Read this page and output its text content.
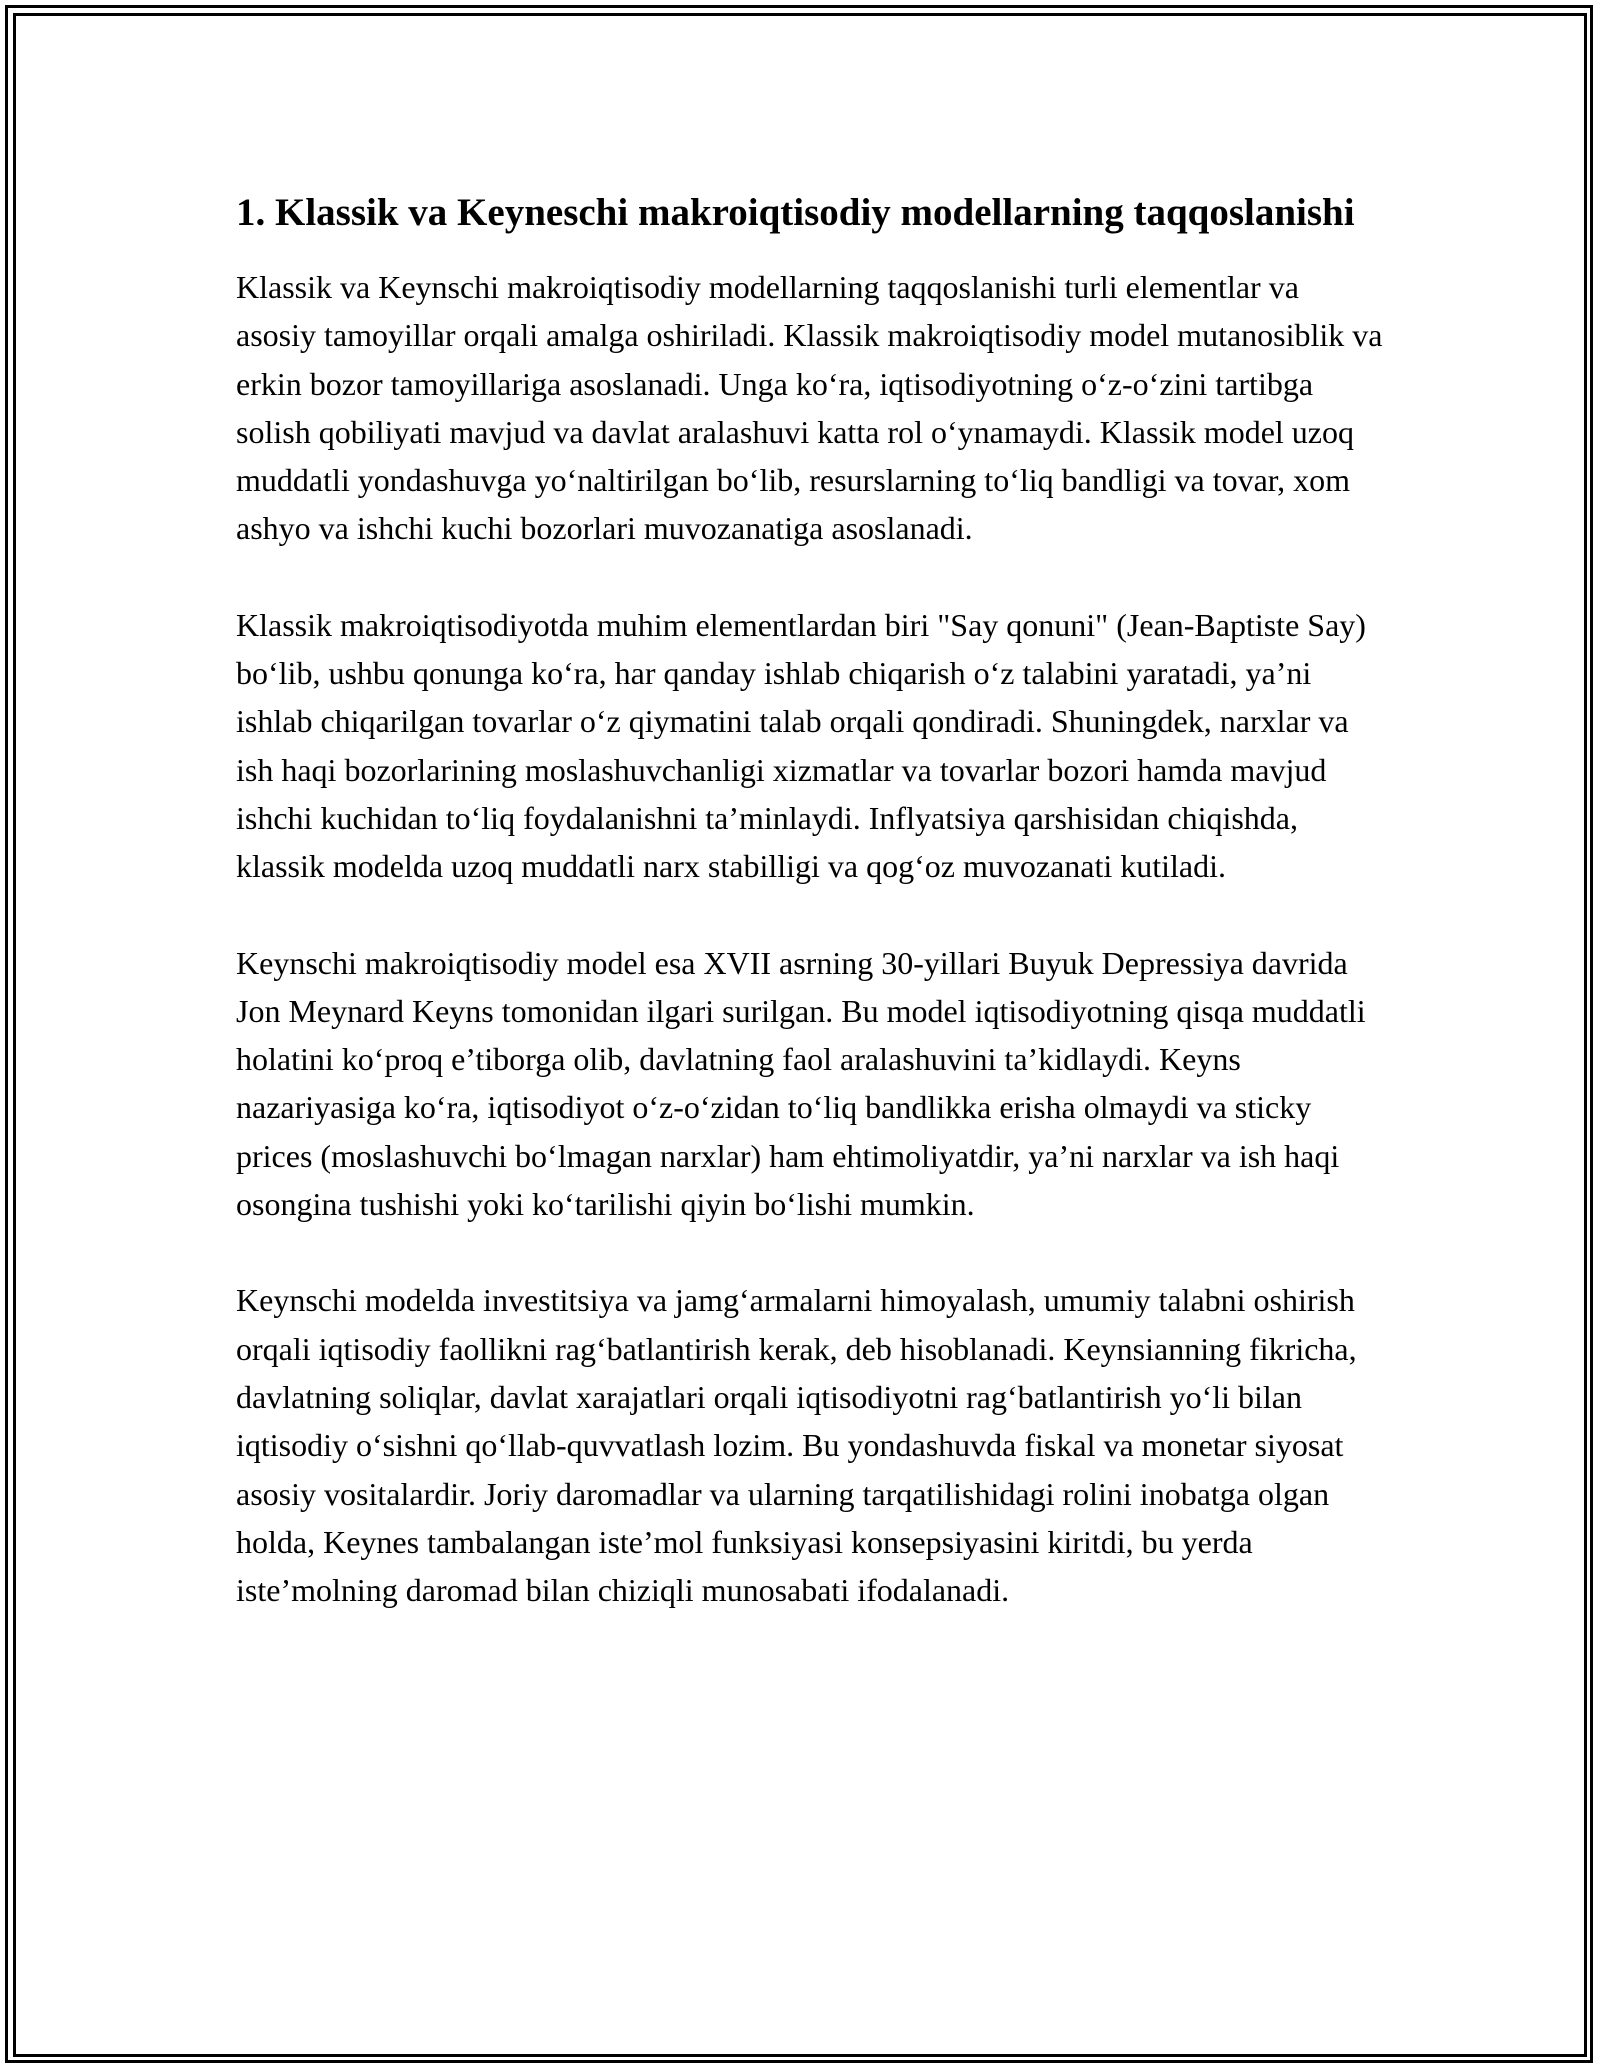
1. Klassik va Keyneschi makroiqtisodiy modellarning taqqoslanishi

Klassik va Keynschi makroiqtisodiy modellarning taqqoslanishi turli elementlar va asosiy tamoyillar orqali amalga oshiriladi. Klassik makroiqtisodiy model mutanosiblik va erkin bozor tamoyillariga asoslanadi. Unga koʻra, iqtisodiyotning oʻz-oʻzini tartibga solish qobiliyati mavjud va davlat aralashuvi katta rol oʻynamaydi. Klassik model uzoq muddatli yondashuvga yoʻnaltirilgan boʻlib, resurslarning toʻliq bandligi va tovar, xom ashyo va ishchi kuchi bozorlari muvozanatiga asoslanadi.

Klassik makroiqtisodiyotda muhim elementlardan biri "Say qonuni" (Jean-Baptiste Say) boʻlib, ushbu qonunga koʻra, har qanday ishlab chiqarish oʻz talabini yaratadi, ya’ni ishlab chiqarilgan tovarlar oʻz qiymatini talab orqali qondiradi. Shuningdek, narxlar va ish haqi bozorlarining moslashuvchanligi xizmatlar va tovarlar bozori hamda mavjud ishchi kuchidan toʻliq foydalanishni ta’minlaydi. Inflyatsiya qarshisidan chiqishda, klassik modelda uzoq muddatli narx stabilligi va qogʻoz muvozanati kutiladi.

Keynschi makroiqtisodiy model esa XVII asrning 30-yillari Buyuk Depressiya davrida Jon Meynard Keyns tomonidan ilgari surilgan. Bu model iqtisodiyotning qisqa muddatli holatini koʻproq e’tiborga olib, davlatning faol aralashuvini ta’kidlaydi. Keyns nazariyasiga koʻra, iqtisodiyot oʻz-oʻzidan toʻliq bandlikka erisha olmaydi va sticky prices (moslashuvchi boʻlmagan narxlar) ham ehtimoliyatdir, ya’ni narxlar va ish haqi osongina tushishi yoki koʻtarilishi qiyin boʻlishi mumkin.

Keynschi modelda investitsiya va jamgʻarmalarni himoyalash, umumiy talabni oshirish orqali iqtisodiy faollikni ragʻbatlantirish kerak, deb hisoblanadi. Keynsianning fikricha, davlatning soliqlar, davlat xarajatlari orqali iqtisodiyotni ragʻbatlantirish yoʻli bilan iqtisodiy oʻsishni qoʻllab-quvvatlash lozim. Bu yondashuvda fiskal va monetar siyosat asosiy vositalardir. Joriy daromadlar va ularning tarqatilishidagi rolini inobatga olgan holda, Keynes tambalangan iste’mol funksiyasi konsepsiyasini kiritdi, bu yerda iste’molning daromad bilan chiziqli munosabati ifodalanadi.
